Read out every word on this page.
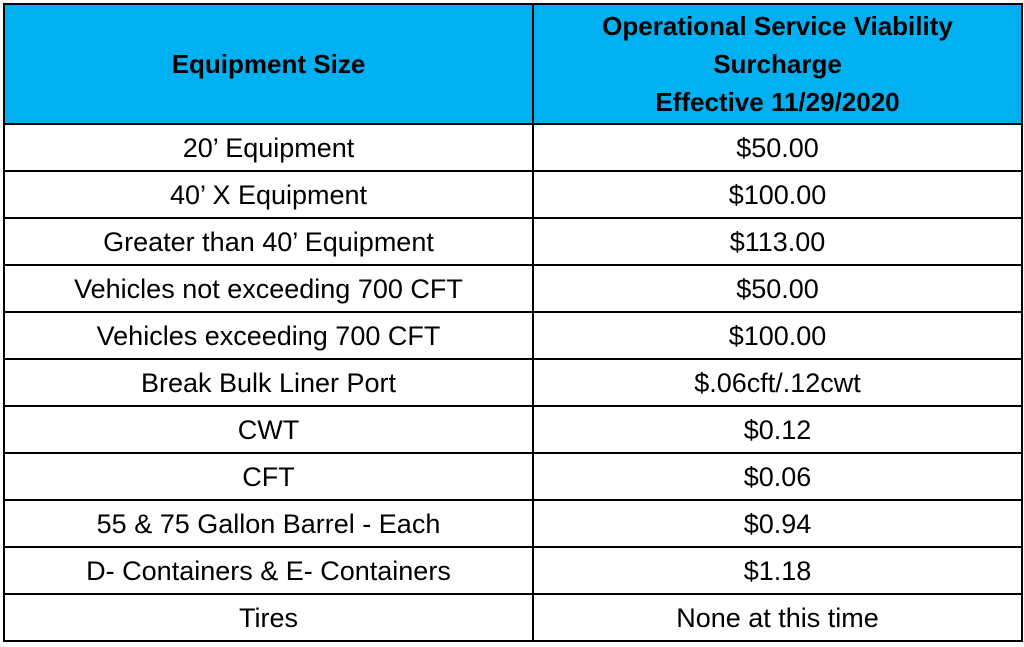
Equipment Size	Operational Service Viability
Surcharge
Effective 11/29/2020

20’ Equipment	$50.00
40’ X Equipment	$100.00
Greater than 40’ Equipment	$113.00
Vehicles not exceeding 700 CFT	$50.00
Vehicles exceeding 700 CFT	$100.00
Break Bulk Liner Port	$.06cft/.12cwt
CWT	$0.12
CFT	$0.06
55 & 75 Gallon Barrel - Each	$0.94
D- Containers & E- Containers	$1.18
Tires	None at this time
